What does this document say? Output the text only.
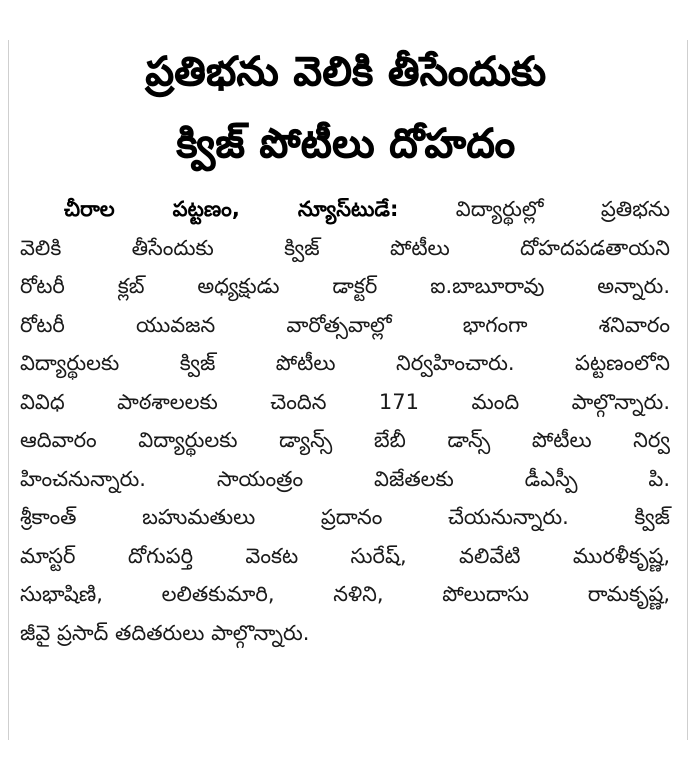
ప్రతిభను వెలికి తీసేందుకు
క్విజ్ పోటీలు దోహదం
చీరాల పట్టణం, న్యూస్‌టుడే: విద్యార్థుల్లో ప్రతిభను
వెలికి తీసేందుకు క్విజ్ పోటీలు దోహదపడతాయని
రోటరీ క్లబ్ అధ్యక్షుడు డాక్టర్ ఐ.బాబూరావు అన్నారు.
రోటరీ యువజన వారోత్సవాల్లో భాగంగా శనివారం
విద్యార్థులకు క్విజ్ పోటీలు నిర్వహించారు. పట్టణంలోని
వివిధ పాఠశాలలకు చెందిన 171 మంది పాల్గొన్నారు.
ఆదివారం విద్యార్థులకు డ్యాన్స్ బేబీ డాన్స్ పోటీలు నిర్వ
హించనున్నారు. సాయంత్రం విజేతలకు డీఎస్పీ పి.
శ్రీకాంత్ బహుమతులు ప్రదానం చేయనున్నారు. క్విజ్
మాస్టర్ దోగుపర్తి వెంకట సురేష్, వలివేటి మురళీకృష్ణ,
సుభాషిణి, లలితకుమారి, నళిని, పోలుదాసు రామకృష్ణ,
జీవై ప్రసాద్ తదితరులు పాల్గొన్నారు.
